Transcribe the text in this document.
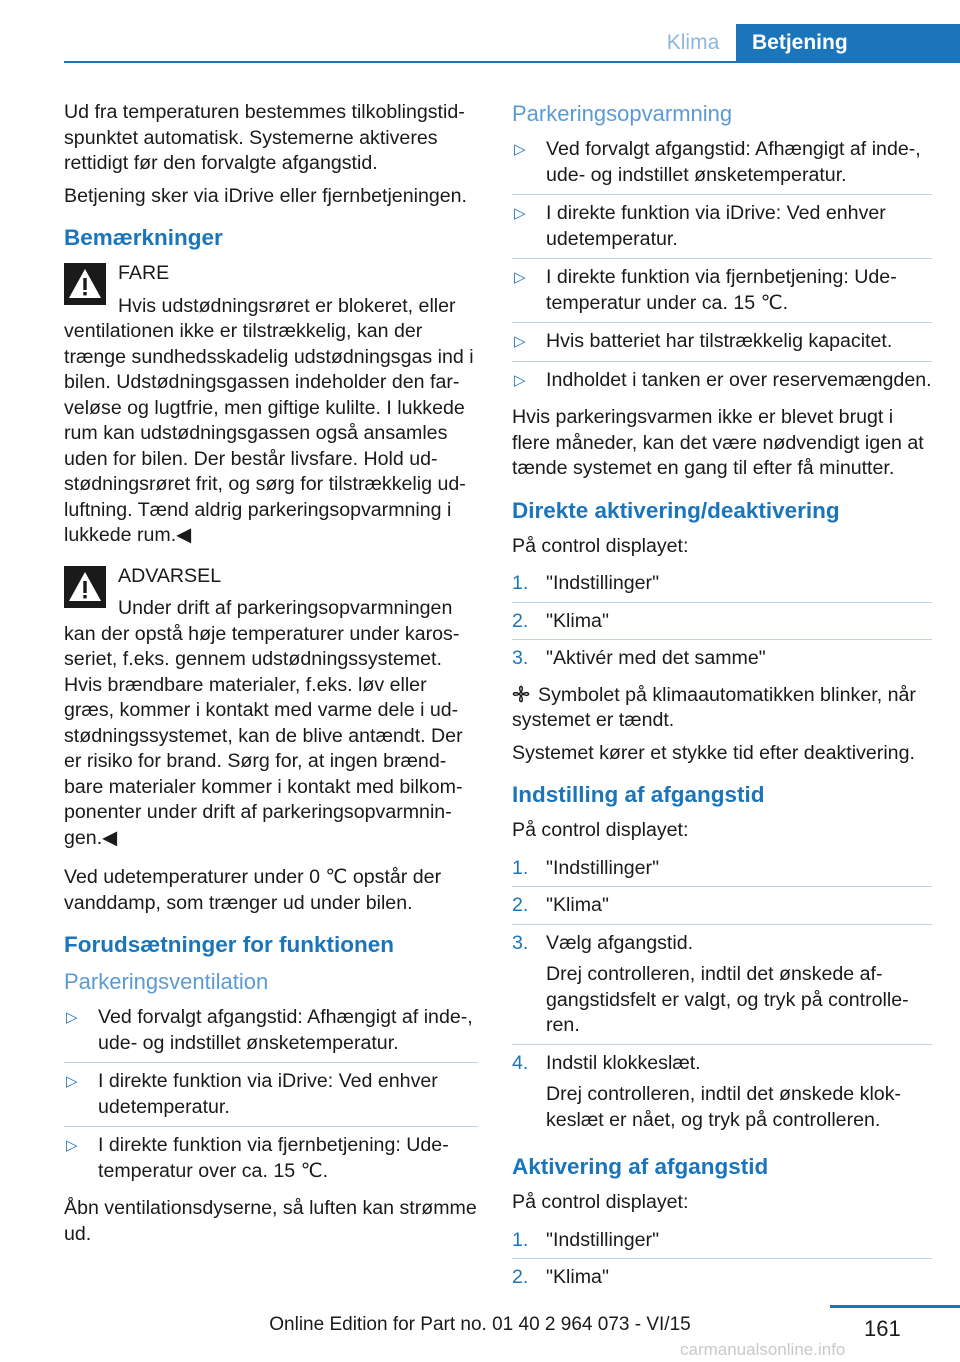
Klima	Betjening

Ud fra temperaturen bestemmes tilkoblingstidspunktet automatisk. Systemerne aktiveres rettidigt før den forvalgte afgangstid.

Betjening sker via iDrive eller fjernbetjeningen.

Bemærkninger
FARE
Hvis udstødningsrøret er blokeret, eller ventilationen ikke er tilstrækkelig, kan der trænge sundhedsskadelig udstødningsgas ind i bilen. Udstødningsgassen indeholder den farveløse og lugtfrie, men giftige kulilte. I lukkede rum kan udstødningsgassen også ansamles uden for bilen. Der består livsfare. Hold udstødningsrøret frit, og sørg for tilstrækkelig udluftning. Tænd aldrig parkeringsopvarmning i lukkede rum.◀
ADVARSEL
Under drift af parkeringsopvarmningen kan der opstå høje temperaturer under karosseriet, f.eks. gennem udstødningssystemet. Hvis brændbare materialer, f.eks. løv eller græs, kommer i kontakt med varme dele i udstødningssystemet, kan de blive antændt. Der er risiko for brand. Sørg for, at ingen brændbare materialer kommer i kontakt med bilkomponenter under drift af parkeringsopvarmningen.◀

Ved udetemperaturer under 0 ℃ opstår der vanddamp, som trænger ud under bilen.

Forudsætninger for funktionen
Parkeringsventilation
▷ Ved forvalgt afgangstid: Afhængigt af inde-, ude- og indstillet ønsketemperatur.
▷ I direkte funktion via iDrive: Ved enhver udetemperatur.
▷ I direkte funktion via fjernbetjening: Udetemperatur over ca. 15 ℃.

Åbn ventilationsdyserne, så luften kan strømme ud.

Parkeringsopvarmning
▷ Ved forvalgt afgangstid: Afhængigt af inde-, ude- og indstillet ønsketemperatur.
▷ I direkte funktion via iDrive: Ved enhver udetemperatur.
▷ I direkte funktion via fjernbetjening: Udetemperatur under ca. 15 ℃.
▷ Hvis batteriet har tilstrækkelig kapacitet.
▷ Indholdet i tanken er over reservemængden.

Hvis parkeringsvarmen ikke er blevet brugt i flere måneder, kan det være nødvendigt igen at tænde systemet en gang til efter få minutter.

Direkte aktivering/deaktivering

På control displayet:

1. "Indstillinger"
2. "Klima"
3. "Aktivér med det samme"

Symbolet på klimaautomatikken blinker, når systemet er tændt.

Systemet kører et stykke tid efter deaktivering.

Indstilling af afgangstid

På control displayet:

1. "Indstillinger"
2. "Klima"
3. Vælg afgangstid.
Drej controlleren, indtil det ønskede afgangstidsfelt er valgt, og tryk på controlleren.
4. Indstil klokkeslæt.
Drej controlleren, indtil det ønskede klokkeslæt er nået, og tryk på controlleren.
Aktivering af afgangstid

På control displayet:

1. "Indstillinger"
2. "Klima"
161
Online Edition for Part no. 01 40 2 964 073 - VI/15
carmanualsonline.info
